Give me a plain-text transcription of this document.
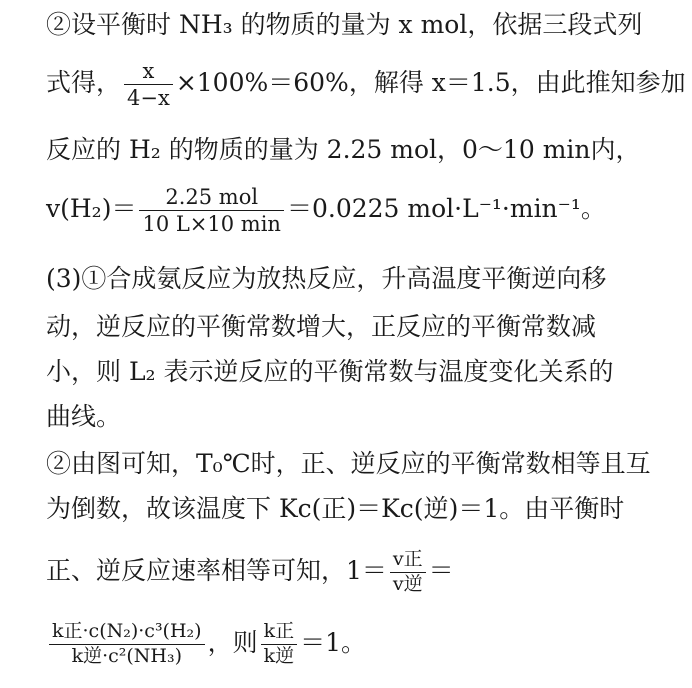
②设平衡时 NH₃ 的物质的量为 x mol，依据三段式列
式得， $\frac{x}{4-x} \times 100\%=60\%$，解得 x＝1.5，由此推知参加
反应的 H₂ 的物质的量为 2.25 mol，0～10 min内，
$v(H_2)= \frac{\text{2.25 mol}}{10 L\times 10 \min} =0.0225$ mol·L⁻¹·min⁻¹。
(3)①合成氨反应为放热反应，升高温度平衡逆向移
动，逆反应的平衡常数增大，正反应的平衡常数减
小，则 L₂ 表示逆反应的平衡常数与温度变化关系的
曲线。
②由图可知，T₀℃时，正、逆反应的平衡常数相等且互
为倒数，故该温度下 Kc(正)＝Kc(逆)＝1。由平衡时
正、逆反应速率相等可知，$1= \frac{\text{v正}}{\text{v逆}}$ ＝
$\frac{\text{k正·c(N₂)·c³(H₂)}}{\text{k逆·c²(NH₃)}}$ ，则 $\frac{\text{k正}}{\text{k逆}} =1$。
